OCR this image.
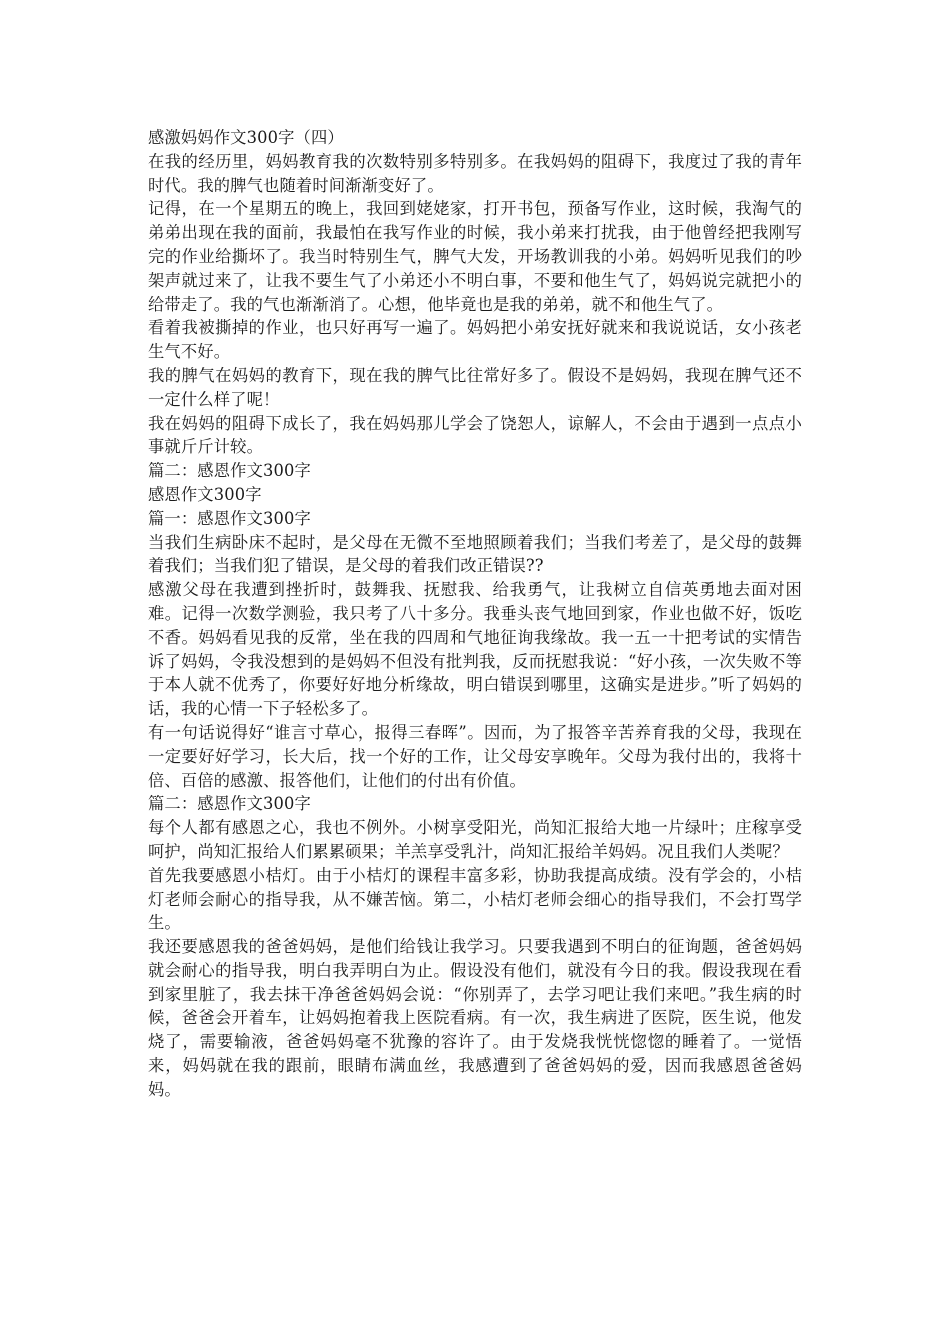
感激妈妈作文300字（四）

在我的经历里，妈妈教育我的次数特别多特别多。在我妈妈的阻碍下，我度过了我的青年时代。我的脾气也随着时间渐渐变好了。

记得，在一个星期五的晚上，我回到姥姥家，打开书包，预备写作业，这时候，我淘气的弟弟出现在我的面前，我最怕在我写作业的时候，我小弟来打扰我，由于他曾经把我刚写完的作业给撕坏了。我当时特别生气，脾气大发，开场教训我的小弟。妈妈听见我们的吵架声就过来了，让我不要生气了小弟还小不明白事，不要和他生气了，妈妈说完就把小的给带走了。我的气也渐渐消了。心想，他毕竟也是我的弟弟，就不和他生气了。

看着我被撕掉的作业，也只好再写一遍了。妈妈把小弟安抚好就来和我说说话，女小孩老生气不好。

我的脾气在妈妈的教育下，现在我的脾气比往常好多了。假设不是妈妈，我现在脾气还不一定什么样了呢！

我在妈妈的阻碍下成长了，我在妈妈那儿学会了饶恕人，谅解人，不会由于遇到一点点小事就斤斤计较。

篇二：感恩作文300字

感恩作文300字

篇一：感恩作文300字

当我们生病卧床不起时，是父母在无微不至地照顾着我们；当我们考差了，是父母的鼓舞着我们；当我们犯了错误，是父母的着我们改正错误??

感激父母在我遭到挫折时，鼓舞我、抚慰我、给我勇气，让我树立自信英勇地去面对困难。记得一次数学测验，我只考了八十多分。我垂头丧气地回到家，作业也做不好，饭吃不香。妈妈看见我的反常，坐在我的四周和气地征询我缘故。我一五一十把考试的实情告诉了妈妈，令我没想到的是妈妈不但没有批判我，反而抚慰我说：“好小孩，一次失败不等于本人就不优秀了，你要好好地分析缘故，明白错误到哪里，这确实是进步。”听了妈妈的话，我的心情一下子轻松多了。

有一句话说得好“谁言寸草心，报得三春晖”。因而，为了报答辛苦养育我的父母，我现在一定要好好学习，长大后，找一个好的工作，让父母安享晚年。父母为我付出的，我将十倍、百倍的感激、报答他们，让他们的付出有价值。

篇二：感恩作文300字

每个人都有感恩之心，我也不例外。小树享受阳光，尚知汇报给大地一片绿叶；庄稼享受呵护，尚知汇报给人们累累硕果；羊羔享受乳汁，尚知汇报给羊妈妈。况且我们人类呢？

首先我要感恩小桔灯。由于小桔灯的课程丰富多彩，协助我提高成绩。没有学会的，小桔灯老师会耐心的指导我，从不嫌苦恼。第二，小桔灯老师会细心的指导我们，不会打骂学生。

我还要感恩我的爸爸妈妈，是他们给钱让我学习。只要我遇到不明白的征询题，爸爸妈妈就会耐心的指导我，明白我弄明白为止。假设没有他们，就没有今日的我。假设我现在看到家里脏了，我去抹干净爸爸妈妈会说：“你别弄了，去学习吧让我们来吧。”我生病的时候，爸爸会开着车，让妈妈抱着我上医院看病。有一次，我生病进了医院，医生说，他发烧了，需要输液，爸爸妈妈毫不犹豫的容许了。由于发烧我恍恍惚惚的睡着了。一觉悟来，妈妈就在我的跟前，眼睛布满血丝，我感遭到了爸爸妈妈的爱，因而我感恩爸爸妈妈。
